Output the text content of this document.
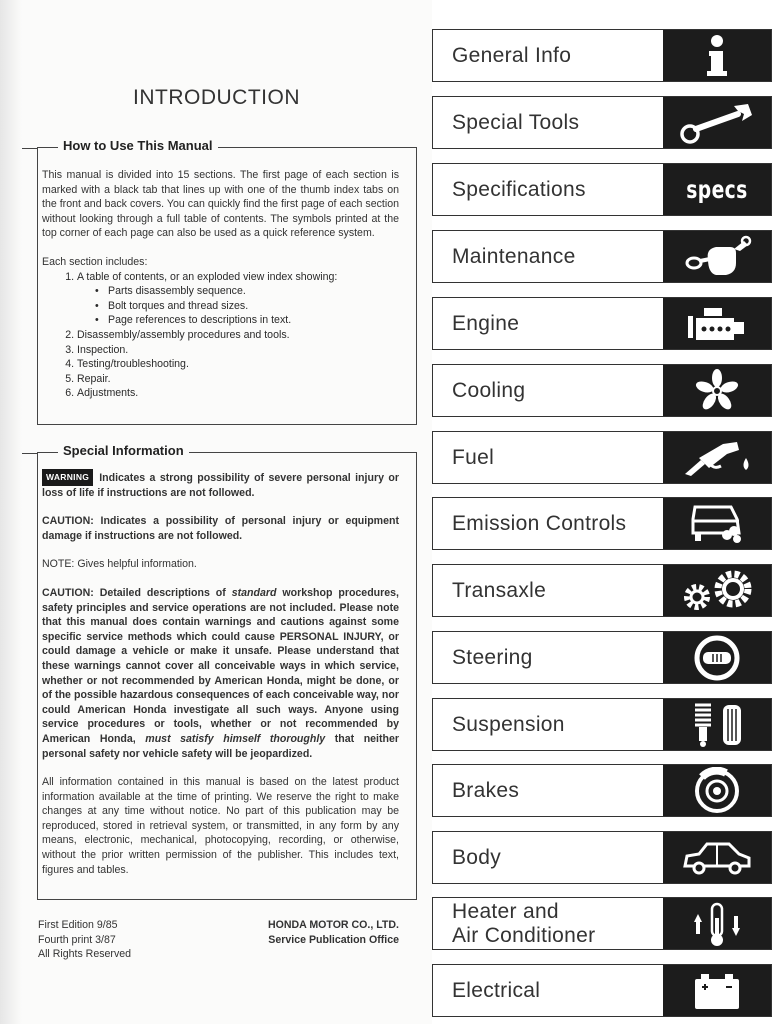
INTRODUCTION
How to Use This Manual

This manual is divided into 15 sections. The first page of each section is marked with a black tab that lines up with one of the thumb index tabs on the front and back covers. You can quickly find the first page of each section without looking through a full table of contents. The symbols printed at the top corner of each page can also be used as a quick reference system.

Each section includes:

1. A table of contents, or an exploded view index showing:
• Parts disassembly sequence.
• Bolt torques and thread sizes.
• Page references to descriptions in text.
2. Disassembly/assembly procedures and tools.
3. Inspection.
4. Testing/troubleshooting.
5. Repair.
6. Adjustments.
Special Information

WARNING Indicates a strong possibility of severe personal injury or loss of life if instructions are not followed.

CAUTION: Indicates a possibility of personal injury or equipment damage if instructions are not followed.

NOTE: Gives helpful information.

CAUTION: Detailed descriptions of standard workshop procedures, safety principles and service operations are not included. Please note that this manual does contain warnings and cautions against some specific service methods which could cause PERSONAL INJURY, or could damage a vehicle or make it unsafe. Please understand that these warnings cannot cover all conceivable ways in which service, whether or not recommended by American Honda, might be done, or of the possible hazardous consequences of each conceivable way, nor could American Honda investigate all such ways. Anyone using service procedures or tools, whether or not recommended by American Honda, must satisfy himself thoroughly that neither personal safety nor vehicle safety will be jeopardized.

All information contained in this manual is based on the latest product information available at the time of printing. We reserve the right to make changes at any time without notice. No part of this publication may be reproduced, stored in retrieval system, or transmitted, in any form by any means, electronic, mechanical, photocopying, recording, or otherwise, without the prior written permission of the publisher. This includes text, figures and tables.

First Edition 9/85
Fourth print 3/87
All Rights Reserved
HONDA MOTOR CO., LTD.
Service Publication Office
General Info
Special Tools
Specifications	specs
Maintenance
Engine
Cooling
Fuel
Emission Controls
Transaxle
Steering
Suspension
Brakes
Body
Heater and
Air Conditioner
Electrical
